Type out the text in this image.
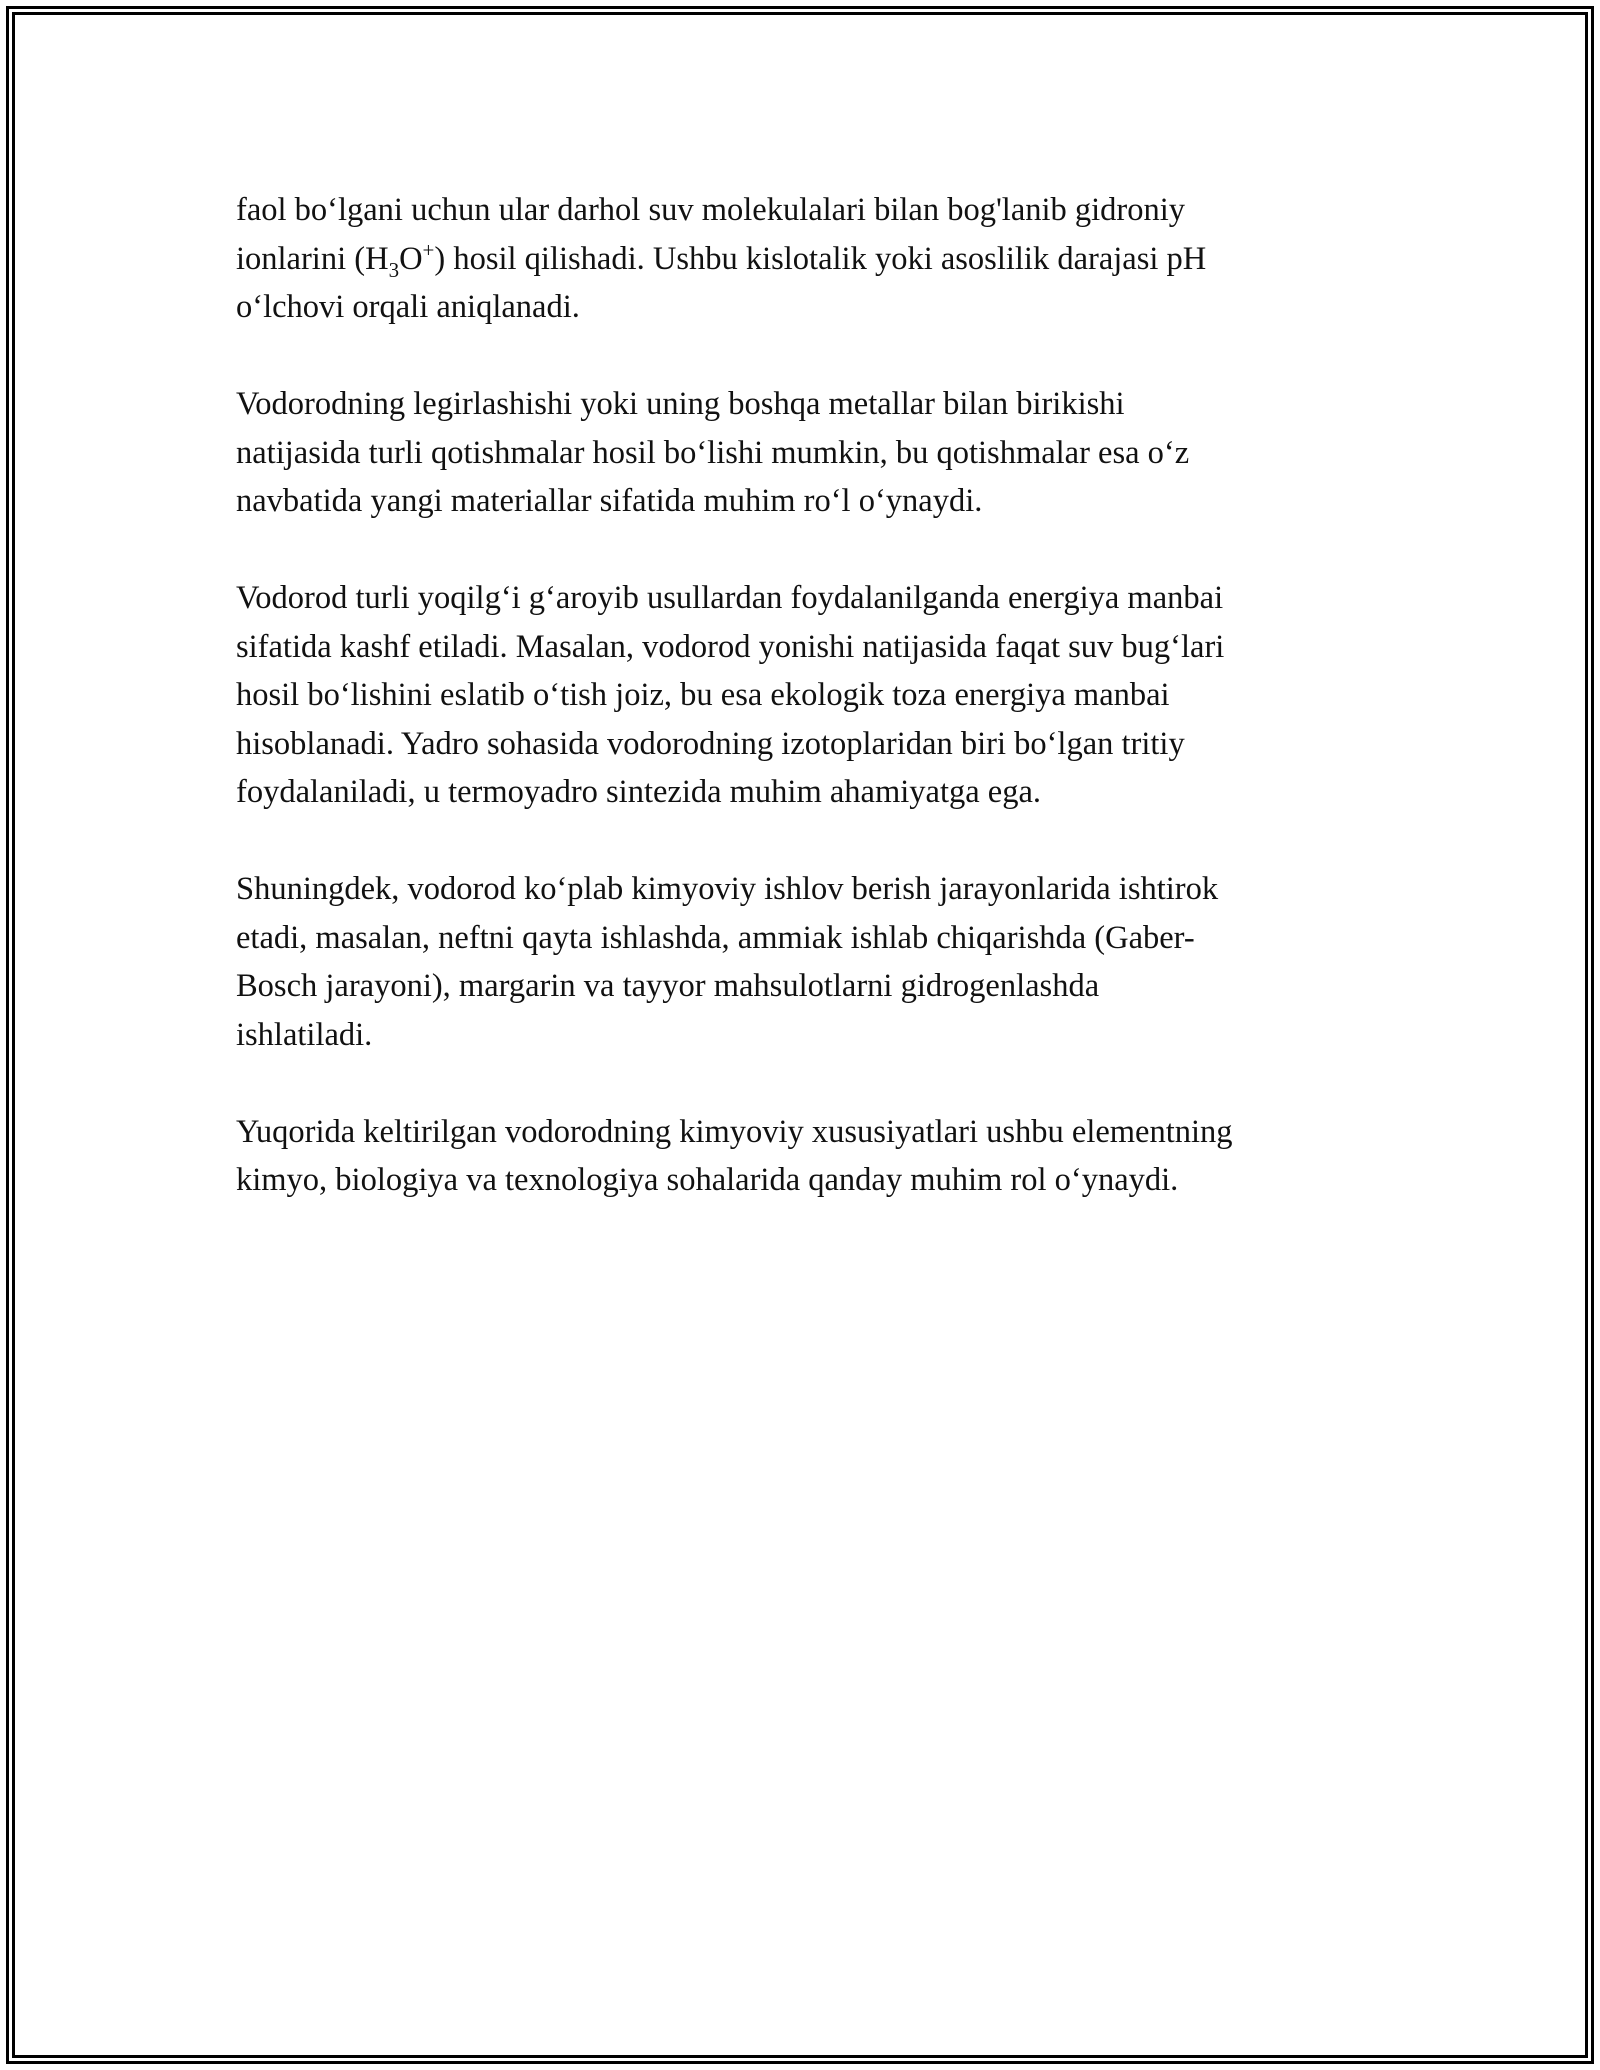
faol bo‘lgani uchun ular darhol suv molekulalari bilan bog'lanib gidroniy
ionlarini $(H_3O^+)$ hosil qilishadi. Ushbu kislotalik yoki asoslilik darajasi pH
o‘lchovi orqali aniqlanadi.

Vodorodning legirlashishi yoki uning boshqa metallar bilan birikishi
natijasida turli qotishmalar hosil bo‘lishi mumkin, bu qotishmalar esa o‘z
navbatida yangi materiallar sifatida muhim ro‘l o‘ynaydi.

Vodorod turli yoqilg‘i g‘aroyib usullardan foydalanilganda energiya manbai
sifatida kashf etiladi. Masalan, vodorod yonishi natijasida faqat suv bug‘lari
hosil bo‘lishini eslatib o‘tish joiz, bu esa ekologik toza energiya manbai
hisoblanadi. Yadro sohasida vodorodning izotoplaridan biri bo‘lgan tritiy
foydalaniladi, u termoyadro sintezida muhim ahamiyatga ega.

Shuningdek, vodorod ko‘plab kimyoviy ishlov berish jarayonlarida ishtirok
etadi, masalan, neftni qayta ishlashda, ammiak ishlab chiqarishda (Gaber-
Bosch jarayoni), margarin va tayyor mahsulotlarni gidrogenlashda
ishlatiladi.

Yuqorida keltirilgan vodorodning kimyoviy xususiyatlari ushbu elementning
kimyo, biologiya va texnologiya sohalarida qanday muhim rol o‘ynaydi.
